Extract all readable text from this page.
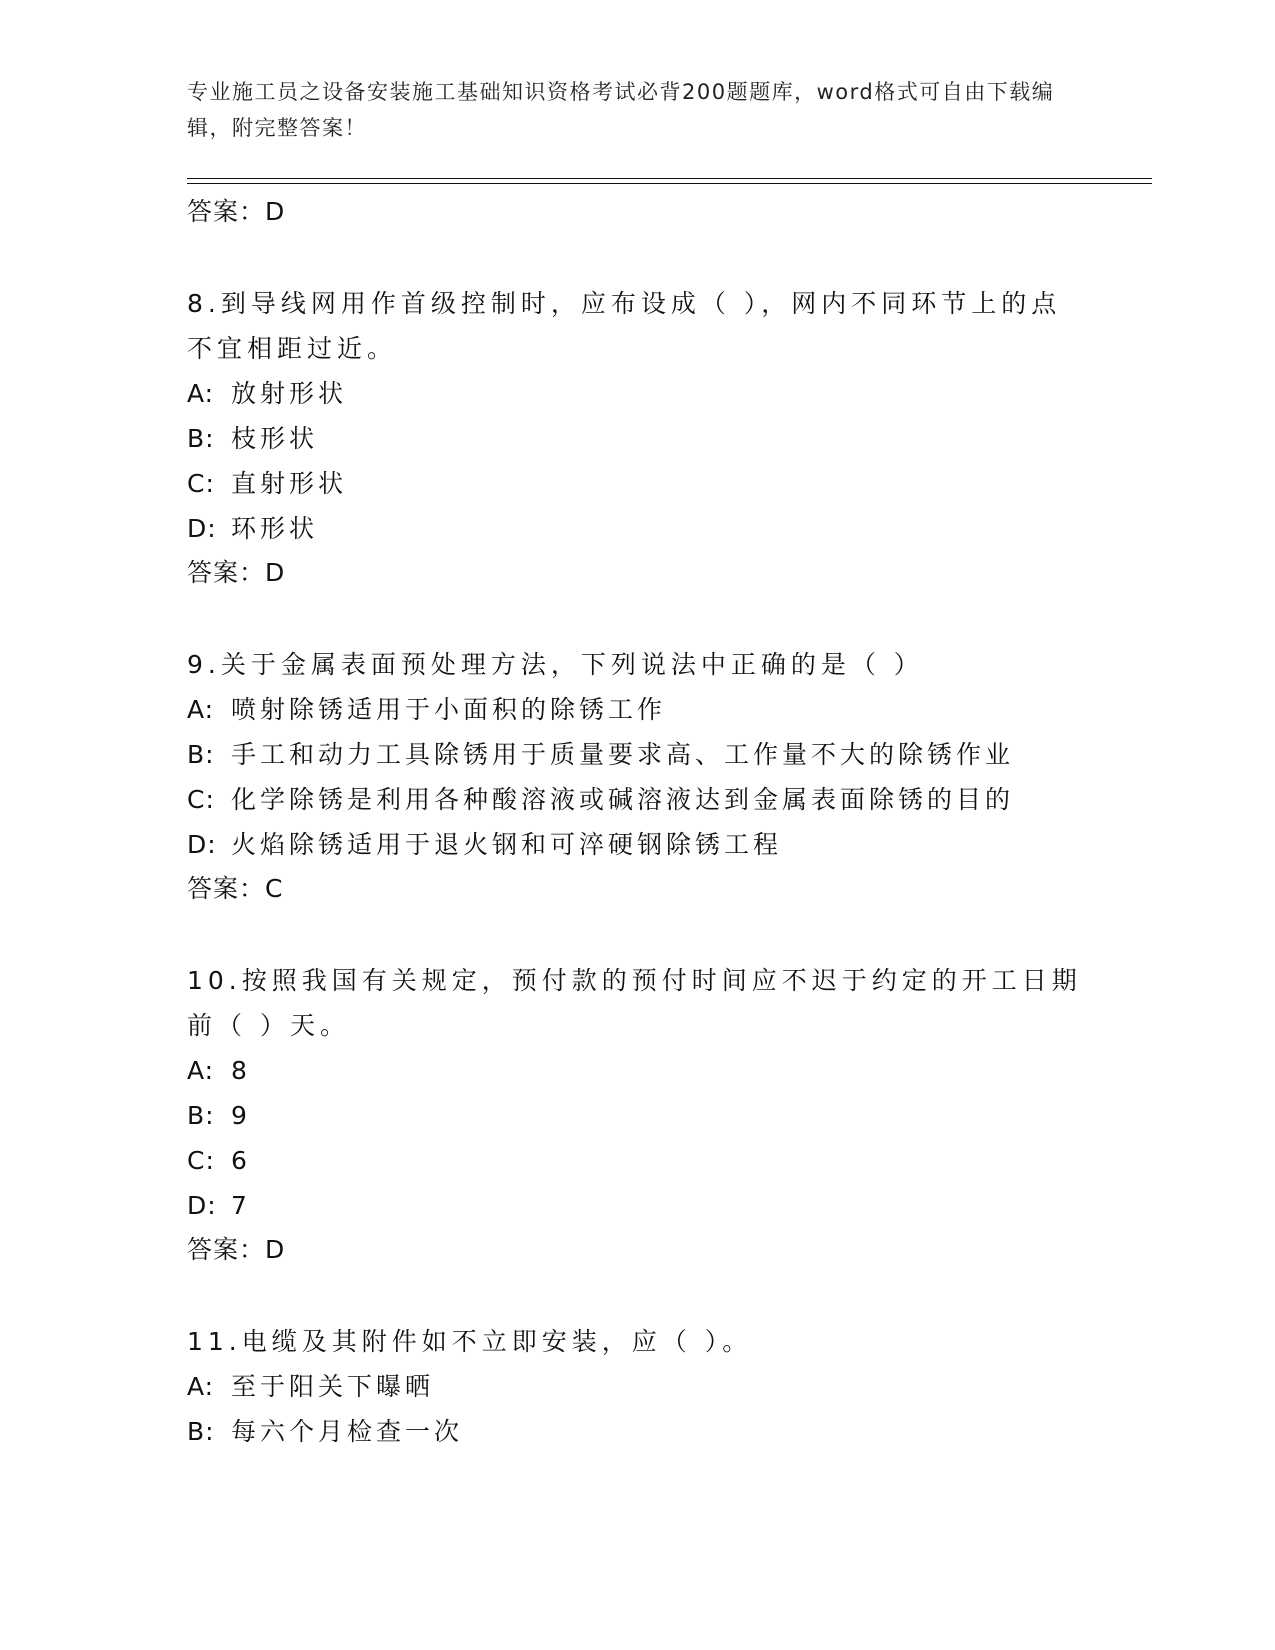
专业施工员之设备安装施工基础知识资格考试必背200题题库，word格式可自由下载编辑，附完整答案！
答案：D
8.到导线网用作首级控制时，应布设成（ ），网内不同环节上的点不宜相距过近。
A: 放射形状
B: 枝形状
C: 直射形状
D: 环形状
答案：D
9.关于金属表面预处理方法，下列说法中正确的是（ ）
A: 喷射除锈适用于小面积的除锈工作
B: 手工和动力工具除锈用于质量要求高、工作量不大的除锈作业
C: 化学除锈是利用各种酸溶液或碱溶液达到金属表面除锈的目的
D: 火焰除锈适用于退火钢和可淬硬钢除锈工程
答案：C
10.按照我国有关规定，预付款的预付时间应不迟于约定的开工日期前（ ）天。
A: 8
B: 9
C: 6
D: 7
答案：D
11.电缆及其附件如不立即安装，应（ ）。
A: 至于阳关下曝晒
B: 每六个月检查一次
